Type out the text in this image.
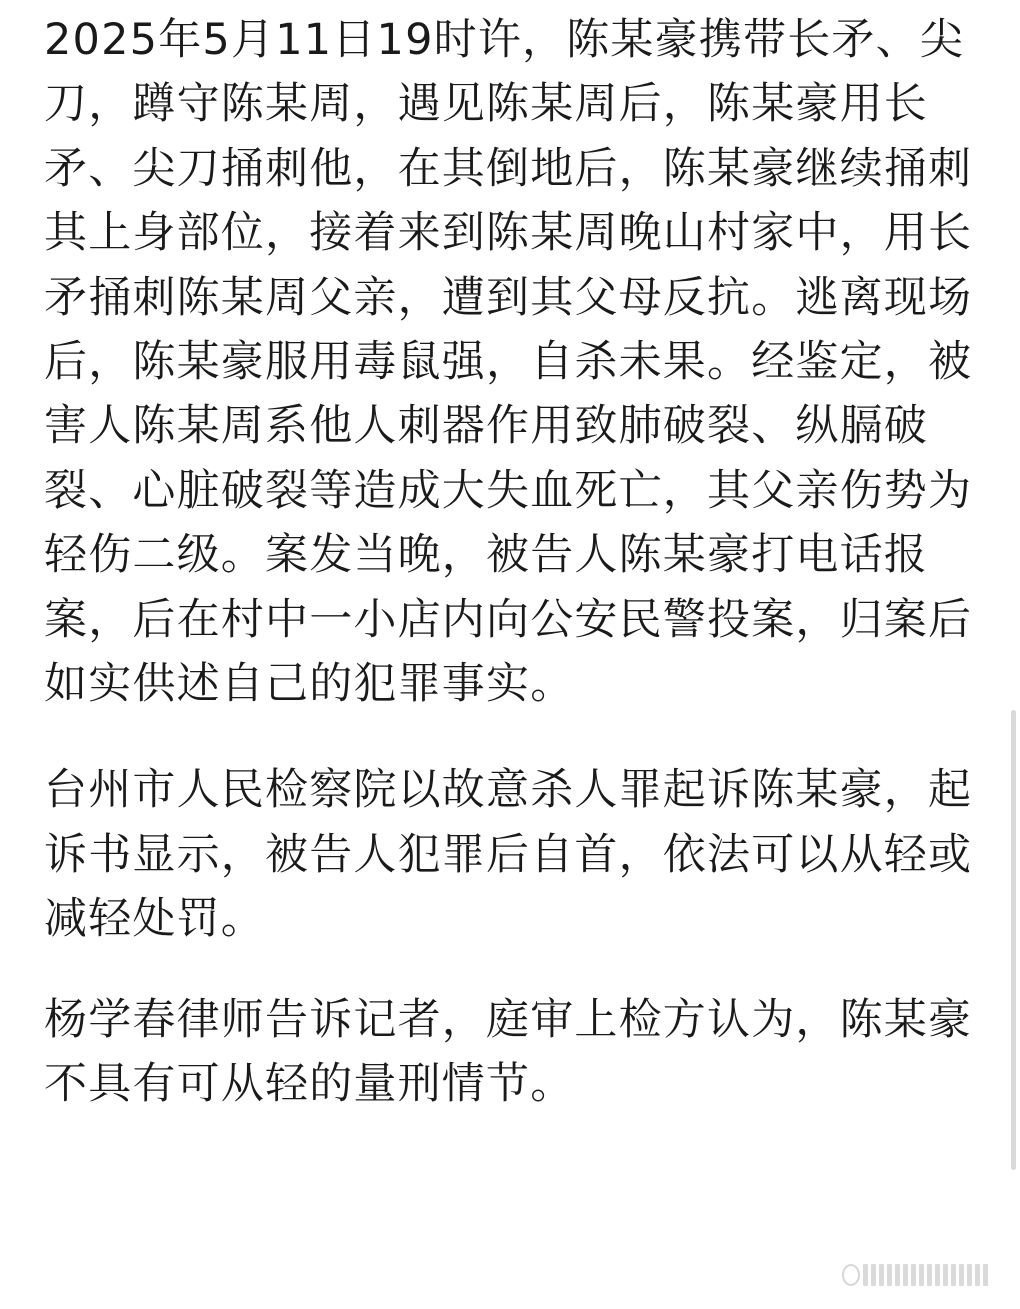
2025年5月11日19时许，陈某豪携带长矛、尖刀，蹲守陈某周，遇见陈某周后，陈某豪用长矛、尖刀捅刺他，在其倒地后，陈某豪继续捅刺其上身部位，接着来到陈某周晚山村家中，用长矛捅刺陈某周父亲，遭到其父母反抗。逃离现场后，陈某豪服用毒鼠强，自杀未果。经鉴定，被害人陈某周系他人刺器作用致肺破裂、纵膈破裂、心脏破裂等造成大失血死亡，其父亲伤势为轻伤二级。案发当晚，被告人陈某豪打电话报案，后在村中一小店内向公安民警投案，归案后如实供述自己的犯罪事实。

台州市人民检察院以故意杀人罪起诉陈某豪，起诉书显示，被告人犯罪后自首，依法可以从轻或减轻处罚。

杨学春律师告诉记者，庭审上检方认为，陈某豪不具有可从轻的量刑情节。
